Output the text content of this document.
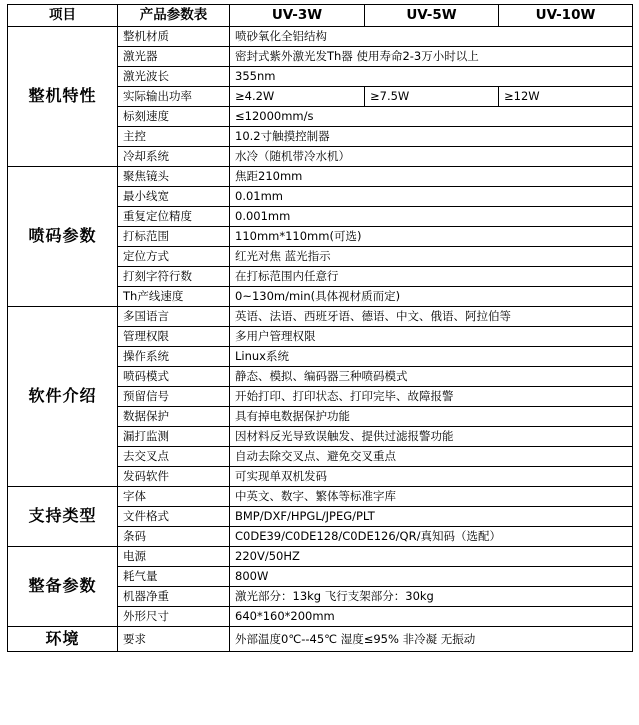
项目	产品参数表	UV-3W	UV-5W	UV-10W
整机特性	整机材质	喷砂氧化全铝结构		
	激光器	密封式紫外激光发Th器 使用寿命2-3万小时以上		
	激光波长	355nm		
	实际输出功率	≥4.2W	≥7.5W	≥12W
	标刻速度	≤12000mm/s		
	主控	10.2寸触摸控制器		
	冷却系统	水冷（随机带冷水机）		
喷码参数	聚焦镜头	焦距210mm		
	最小线宽	0.01mm		
	重复定位精度	0.001mm		
	打标范围	110mm*110mm(可选)		
	定位方式	红光对焦 蓝光指示		
	打刻字符行数	在打标范围内任意行		
	Th产线速度	0~130m/min(具体视材质而定)		
软件介绍	多国语言	英语、法语、西班牙语、德语、中文、俄语、阿拉伯等		
	管理权限	多用户管理权限		
	操作系统	Linux系统		
	喷码模式	静态、模拟、编码器三种喷码模式		
	预留信号	开始打印、打印状态、打印完毕、故障报警		
	数据保护	具有掉电数据保护功能		
	漏打监测	因材料反光导致误触发、提供过滤报警功能		
	去交叉点	自动去除交叉点、避免交叉重点		
	发码软件	可实现单双机发码		
支持类型	字体	中英文、数字、繁体等标准字库		
	文件格式	BMP/DXF/HPGL/JPEG/PLT		
	条码	C0DE39/C0DE128/C0DE126/QR/真知码（选配）		
整备参数	电源	220V/50HZ		
	耗气量	800W		
	机器净重	激光部分：13kg 飞行支架部分：30kg		
	外形尺寸	640*160*200mm		
环境	要求	外部温度0℃--45℃ 湿度≤95% 非冷凝 无振动		
